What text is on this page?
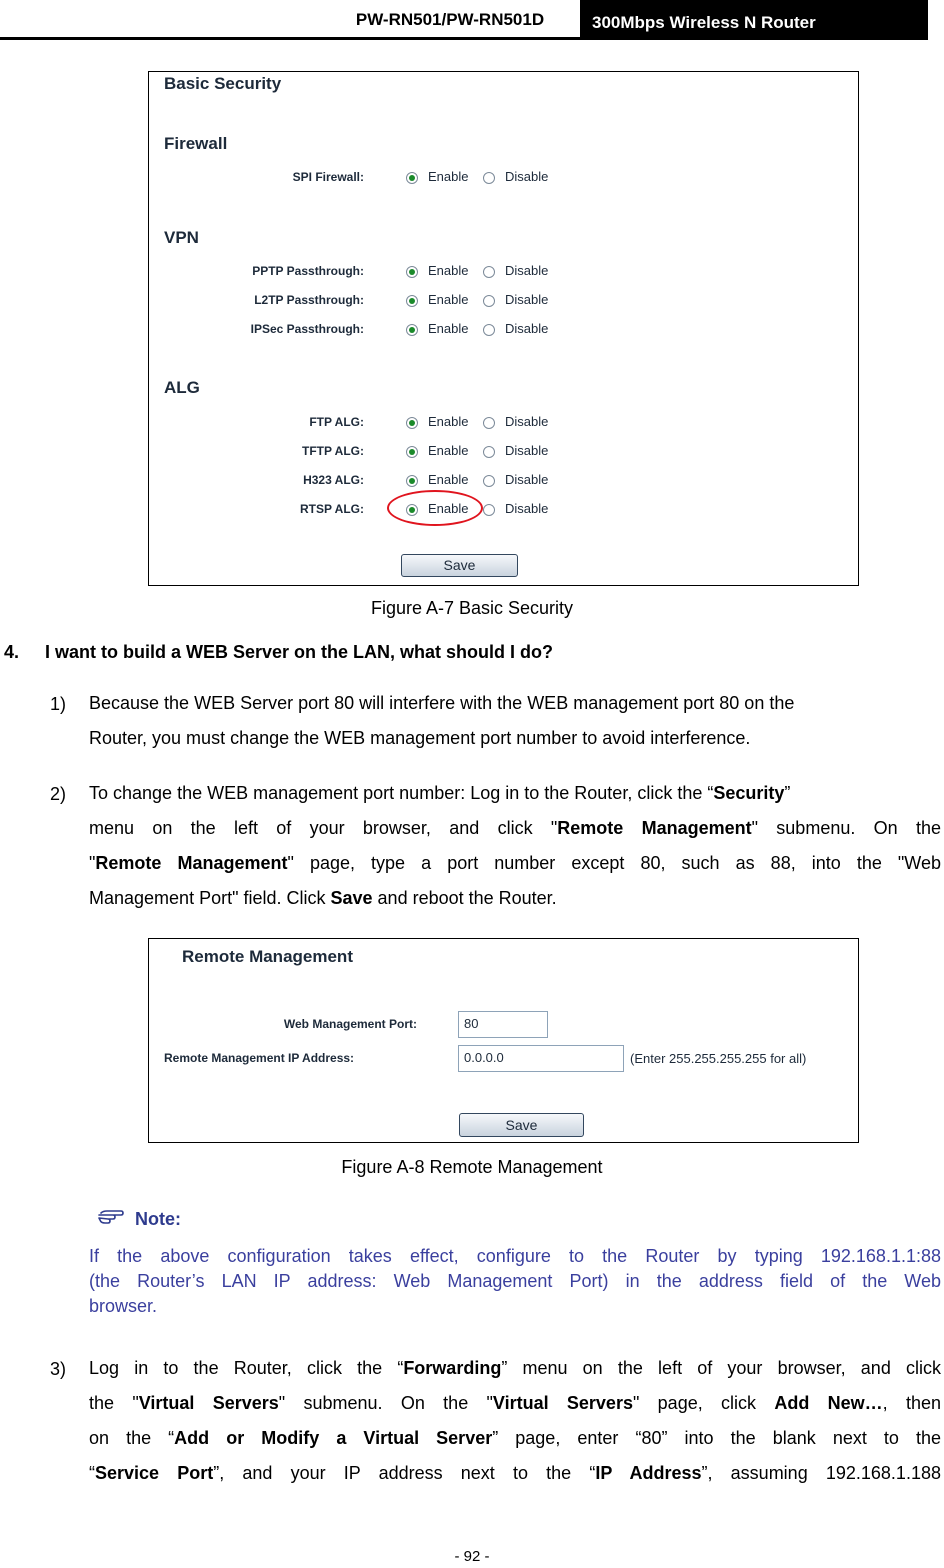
PW-RN501/PW-RN501D	300Mbps Wireless N Router
Basic Security
Firewall
SPI Firewall:	Enable	Disable
VPN
PPTP Passthrough:	Enable	Disable
L2TP Passthrough:	Enable	Disable
IPSec Passthrough:	Enable	Disable
ALG
FTP ALG:	Enable	Disable
TFTP ALG:	Enable	Disable
H323 ALG:	Enable	Disable
RTSP ALG:	Enable	Disable
Save
Figure A-7 Basic Security
4. I want to build a WEB Server on the LAN, what should I do?
1) Because the WEB Server port 80 will interfere with the WEB management port 80 on the
Router, you must change the WEB management port number to avoid interference.
2) To change the WEB management port number: Log in to the Router, click the “Security”
menu on the left of your browser, and click "Remote Management" submenu. On the
"Remote Management" page, type a port number except 80, such as 88, into the "Web
Management Port" field. Click Save and reboot the Router.
Remote Management
Web Management Port:	80
Remote Management IP Address:	0.0.0.0	(Enter 255.255.255.255 for all)
Save
Figure A-8 Remote Management
Note:
If the above configuration takes effect, configure to the Router by typing 192.168.1.1:88
(the Router’s LAN IP address: Web Management Port) in the address field of the Web
browser.
3) Log in to the Router, click the “Forwarding” menu on the left of your browser, and click
the "Virtual Servers" submenu. On the "Virtual Servers" page, click Add New…, then
on the “Add or Modify a Virtual Server” page, enter “80” into the blank next to the
“Service Port”, and your IP address next to the “IP Address”, assuming 192.168.1.188
- 92 -
